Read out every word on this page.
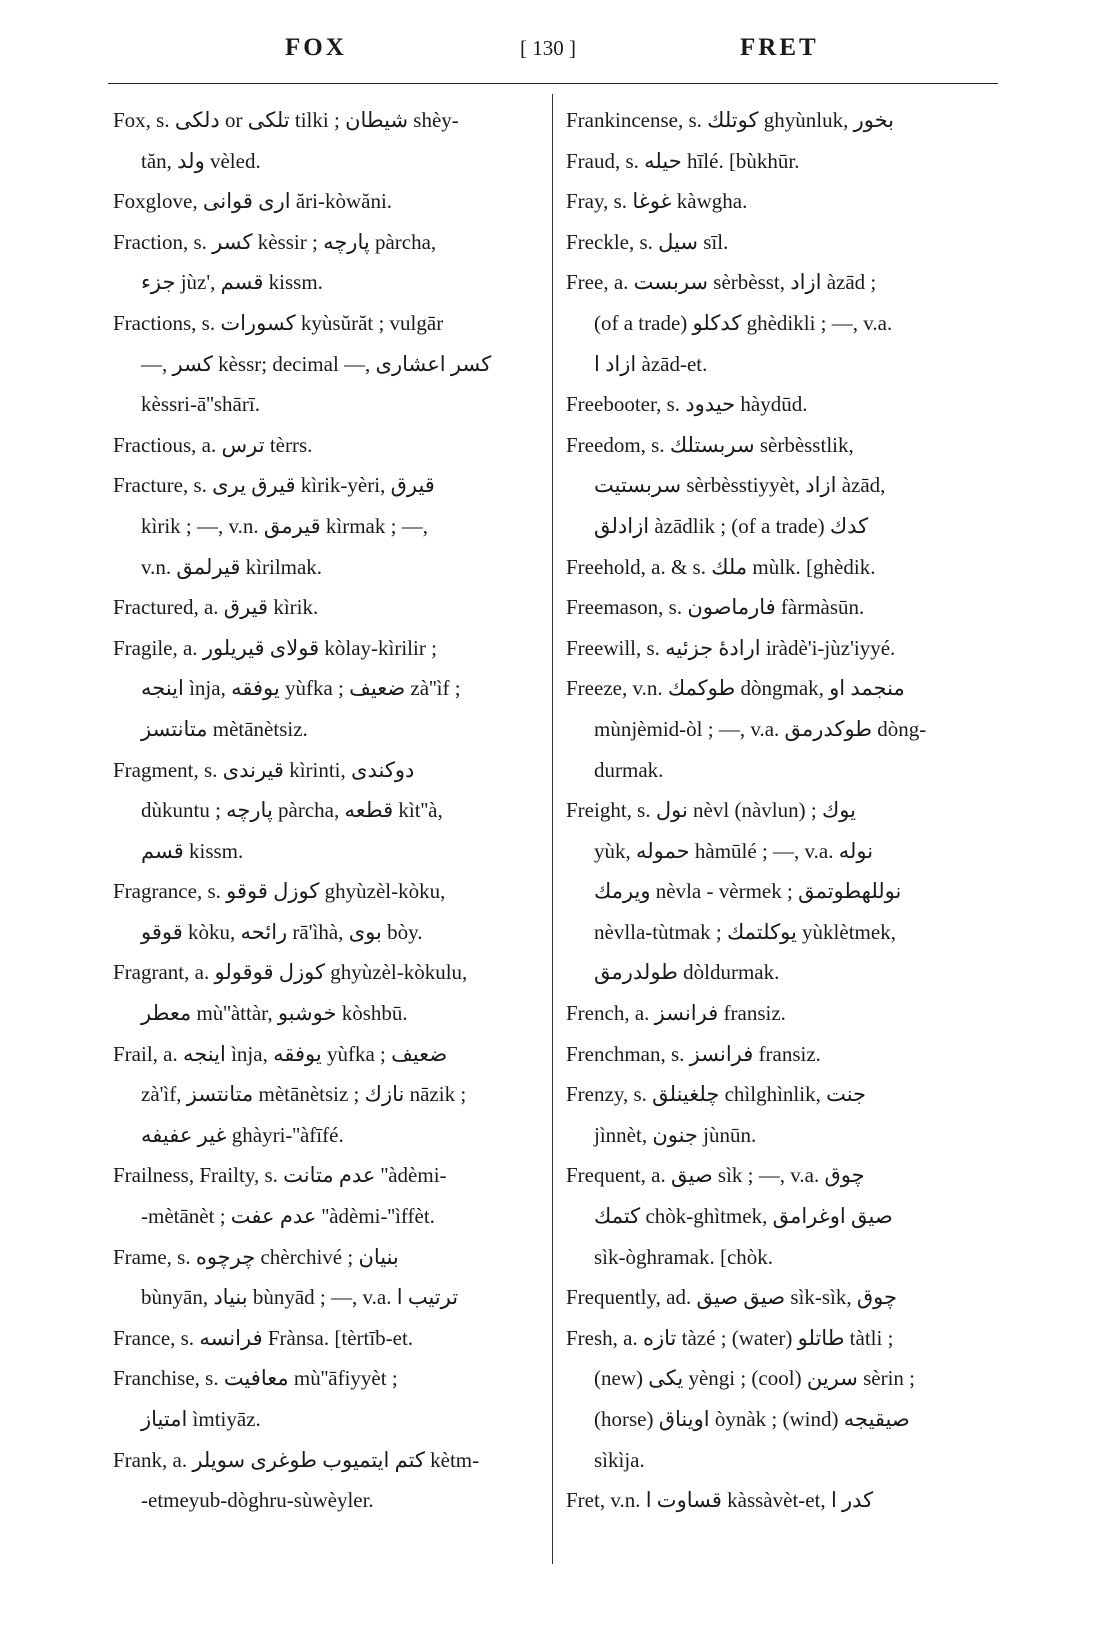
FOX	[ 130 ]	FRET
Fox, s. دلكى or تلكى tilki ; شيطان shèy-
tăn, ولد vèled.
Foxglove, ارى قوانى ări-kòwăni.
Fraction, s. كسر kèssir ; پارچه pàrcha,
جزء jùz', قسم kissm.
Fractions, s. كسورات kyùsŭrăt ; vulgār
—, كسر kèssr; decimal —, كسر اعشارى
kèssri-ā''shārī.
Fractious, a. ترس tèrrs.
Fracture, s. قيرق يرى kìrik-yèri, قيرق
kìrik ; —, v.n. قيرمق kìrmak ; —,
v.n. قيرلمق kìrilmak.
Fractured, a. قيرق kìrik.
Fragile, a. قولاى قيريلور kòlay-kìrilir ;
اينجه ìnja, يوفقه yùfka ; ضعيف zà''ìf ;
متانتسز mètānètsiz.
Fragment, s. قيرندى kìrinti, دوكندى
dùkuntu ; پارچه pàrcha, قطعه kìt''à,
قسم kissm.
Fragrance, s. كوزل قوقو ghyùzèl-kòku,
قوقو kòku, رائحه rā'ìhà, بوى bòy.
Fragrant, a. كوزل قوقولو ghyùzèl-kòkulu,
معطر mù''àttàr, خوشبو kòshbū.
Frail, a. اينجه ìnja, يوفقه yùfka ; ضعيف
zà'ìf, متانتسز mètānètsiz ; نازك nāzik ;
غير عفيفه ghàyri-''àfīfé.
Frailness, Frailty, s. عدم متانت ''àdèmi-
-mètānèt ; عدم عفت ''àdèmi-''ìffèt.
Frame, s. چرچوه chèrchivé ; بنيان
bùnyān, بنياد bùnyād ; —, v.a. ترتيب ا
France, s. فرانسه Frànsa. [tèrtīb-et.
Franchise, s. معافيت mù''āfiyyèt ;
امتياز ìmtiyāz.
Frank, a. كتم ايتميوب طوغرى سويلر kètm-
-etmeyub-dòghru-sùwèyler.
Frankincense, s. كوتلك ghyùnluk, بخور
Fraud, s. حيله hīlé. [bùkhūr.
Fray, s. غوغا kàwgha.
Freckle, s. سيل sīl.
Free, a. سربست sèrbèsst, ازاد àzād ;
(of a trade) كدكلو ghèdikli ; —, v.a.
ازاد ا àzād-et.
Freebooter, s. حيدود hàydūd.
Freedom, s. سربستلك sèrbèsstlik,
سربستيت sèrbèsstiyyèt, ازاد àzād,
ازادلق àzādlik ; (of a trade) كدك
Freehold, a. & s. ملك mùlk. [ghèdik.
Freemason, s. فارماصون fàrmàsūn.
Freewill, s. ارادۀ جزئيه iràdè'i-jùz'iyyé.
Freeze, v.n. طوكمك dòngmak, منجمد او
mùnjèmid-òl ; —, v.a. طوكدرمق dòng-
durmak.
Freight, s. نول nèvl (nàvlun) ; يوك
yùk, حموله hàmūlé ; —, v.a. نوله
ويرمك nèvla - vèrmek ; نوللهطوتمق
nèvlla-tùtmak ; يوكلتمك yùklètmek,
طولدرمق dòldurmak.
French, a. فرانسز fransiz.
Frenchman, s. فرانسز fransiz.
Frenzy, s. چلغينلق chìlghìnlik, جنت
jìnnèt, جنون jùnūn.
Frequent, a. صيق sìk ; —, v.a. چوق
كتمك chòk-ghìtmek, صيق اوغرامق
sìk-òghramak. [chòk.
Frequently, ad. صيق صيق sìk-sìk, چوق
Fresh, a. تازه tàzé ; (water) طاتلو tàtli ;
(new) يكى yèngi ; (cool) سرين sèrin ;
(horse) اويناق òynàk ; (wind) صيقيجه
sìkìja.
Fret, v.n. قساوت ا kàssàvèt-et, كدر ا
